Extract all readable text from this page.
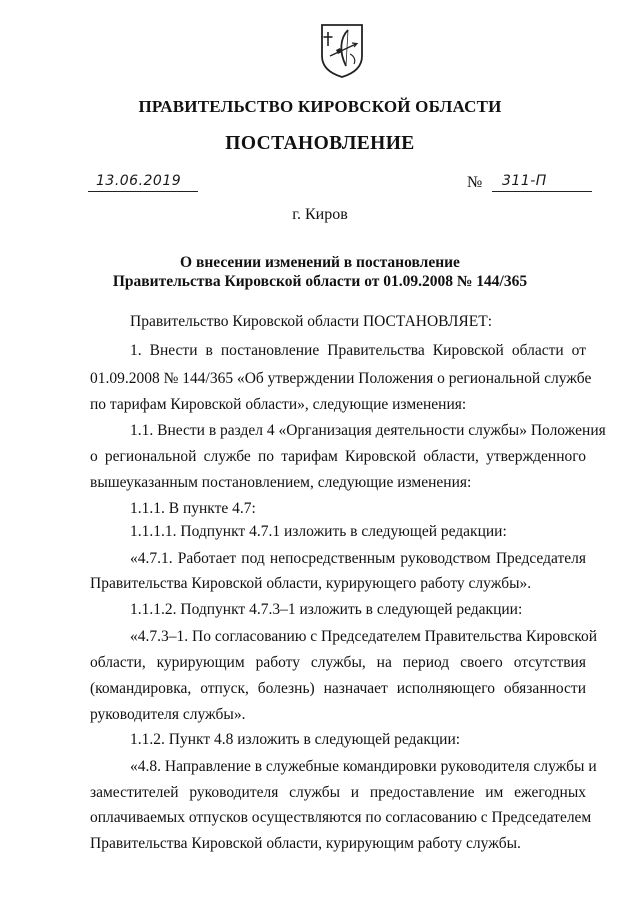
ПРАВИТЕЛЬСТВО КИРОВСКОЙ ОБЛАСТИ
ПОСТАНОВЛЕНИЕ
13.06.2019	№ 311-П
г. Киров
О внесении изменений в постановление
Правительства Кировской области от 01.09.2008 № 144/365
Правительство Кировской области ПОСТАНОВЛЯЕТ:
1. Внести в постановление Правительства Кировской области от
01.09.2008 № 144/365 «Об утверждении Положения о региональной службе
по тарифам Кировской области», следующие изменения:
1.1. Внести в раздел 4 «Организация деятельности службы» Положения
о региональной службе по тарифам Кировской области, утвержденного
вышеуказанным постановлением, следующие изменения:
1.1.1. В пункте 4.7:
1.1.1.1. Подпункт 4.7.1 изложить в следующей редакции:
«4.7.1. Работает под непосредственным руководством Председателя
Правительства Кировской области, курирующего работу службы».
1.1.1.2. Подпункт 4.7.3–1 изложить в следующей редакции:
«4.7.3–1. По согласованию с Председателем Правительства Кировской
области, курирующим работу службы, на период своего отсутствия
(командировка, отпуск, болезнь) назначает исполняющего обязанности
руководителя службы».
1.1.2. Пункт 4.8 изложить в следующей редакции:
«4.8. Направление в служебные командировки руководителя службы и
заместителей руководителя службы и предоставление им ежегодных
оплачиваемых отпусков осуществляются по согласованию с Председателем
Правительства Кировской области, курирующим работу службы.
